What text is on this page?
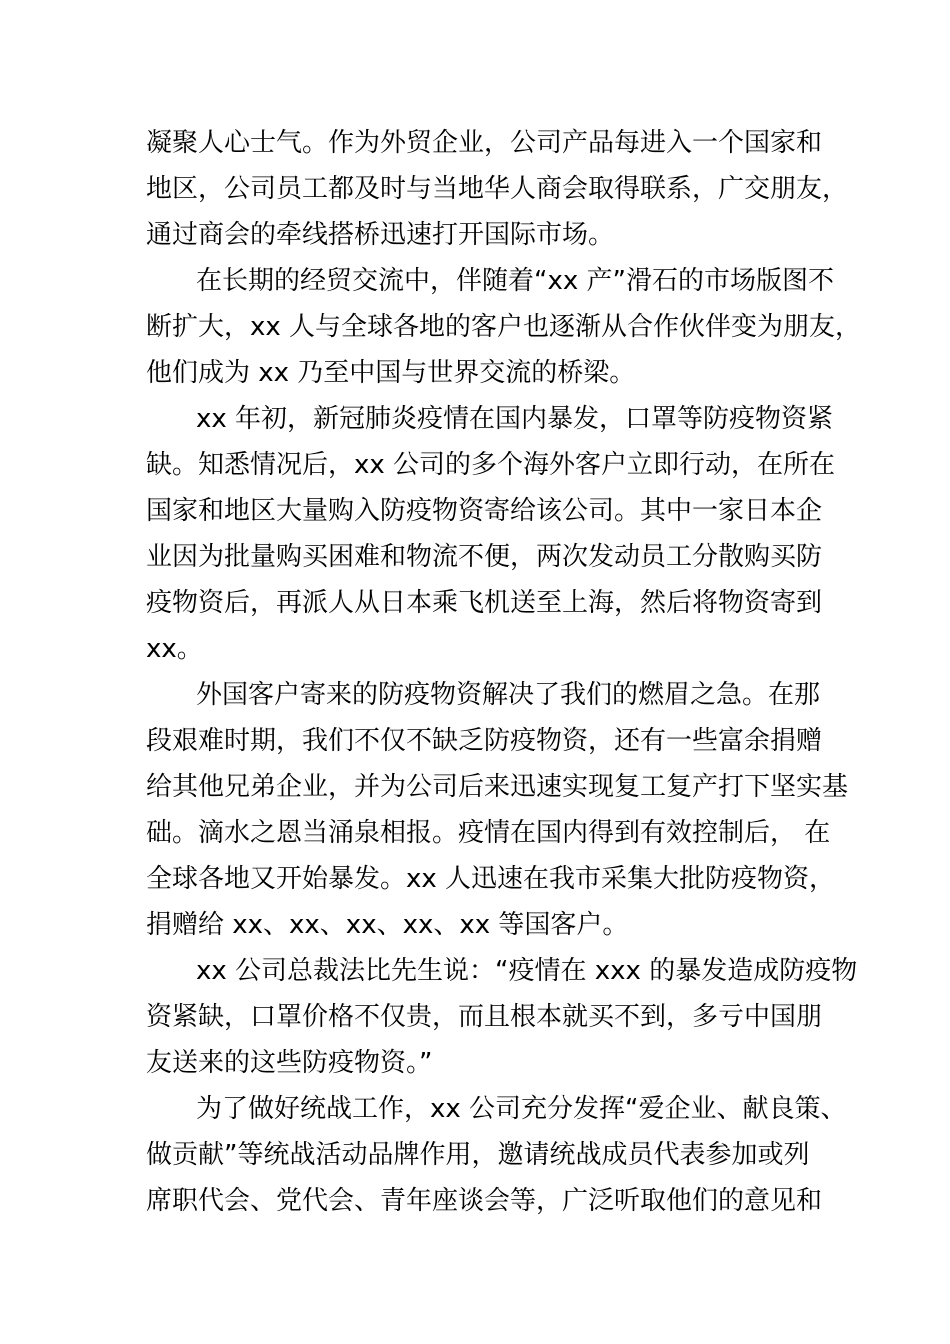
凝聚人心士气。作为外贸企业，公司产品每进入一个国家和
地区，公司员工都及时与当地华人商会取得联系，广交朋友，
通过商会的牵线搭桥迅速打开国际市场。
在长期的经贸交流中，伴随着“xx 产”滑石的市场版图不
断扩大，xx 人与全球各地的客户也逐渐从合作伙伴变为朋友，
他们成为 xx 乃至中国与世界交流的桥梁。
xx 年初，新冠肺炎疫情在国内暴发，口罩等防疫物资紧
缺。知悉情况后，xx 公司的多个海外客户立即行动，在所在
国家和地区大量购入防疫物资寄给该公司。其中一家日本企
业因为批量购买困难和物流不便，两次发动员工分散购买防
疫物资后，再派人从日本乘飞机送至上海，然后将物资寄到
xx。
外国客户寄来的防疫物资解决了我们的燃眉之急。在那
段艰难时期，我们不仅不缺乏防疫物资，还有一些富余捐赠
给其他兄弟企业，并为公司后来迅速实现复工复产打下坚实基
础。滴水之恩当涌泉相报。疫情在国内得到有效控制后， 在
全球各地又开始暴发。xx 人迅速在我市采集大批防疫物资，
捐赠给 xx、xx、xx、xx、xx 等国客户。
xx 公司总裁法比先生说：“疫情在 xxx 的暴发造成防疫物
资紧缺，口罩价格不仅贵，而且根本就买不到，多亏中国朋
友送来的这些防疫物资。”
为了做好统战工作，xx 公司充分发挥“爱企业、献良策、
做贡献”等统战活动品牌作用，邀请统战成员代表参加或列
席职代会、党代会、青年座谈会等，广泛听取他们的意见和
